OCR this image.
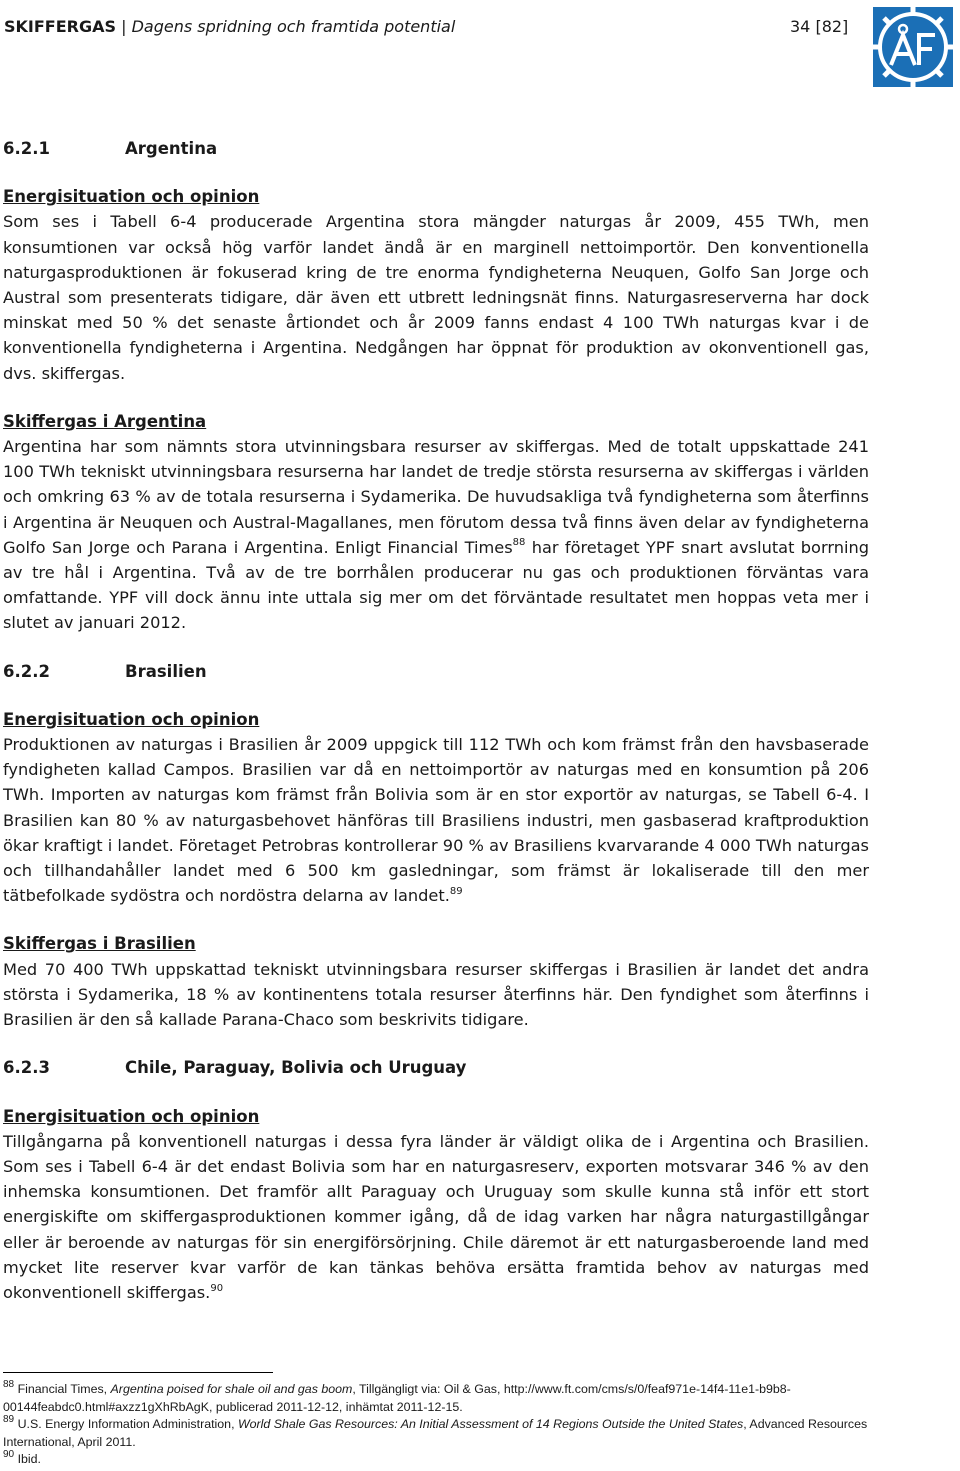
SKIFFERGAS | Dagens spridning och framtida potential	34 [82]
6.2.1	Argentina
Energisituation och opinion

Som ses i Tabell 6-4 producerade Argentina stora mängder naturgas år 2009, 455 TWh, men konsumtionen var också hög varför landet ändå är en marginell nettoimportör. Den konventionella naturgasproduktionen är fokuserad kring de tre enorma fyndigheterna Neuquen, Golfo San Jorge och Austral som presenterats tidigare, där även ett utbrett ledningsnät finns. Naturgasreserverna har dock minskat med 50 % det senaste årtiondet och år 2009 fanns endast 4 100 TWh naturgas kvar i de konventionella fyndigheterna i Argentina. Nedgången har öppnat för produktion av okonventionell gas, dvs. skiffergas.

Skiffergas i Argentina

Argentina har som nämnts stora utvinningsbara resurser av skiffergas. Med de totalt uppskattade 241 100 TWh tekniskt utvinningsbara resurserna har landet de tredje största resurserna av skiffergas i världen och omkring 63 % av de totala resurserna i Sydamerika. De huvudsakliga två fyndigheterna som återfinns i Argentina är Neuquen och Austral-Magallanes, men förutom dessa två finns även delar av fyndigheterna Golfo San Jorge och Parana i Argentina. Enligt Financial Times$^{88}$ har företaget YPF snart avslutat borrning av tre hål i Argentina. Två av de tre borrhålen producerar nu gas och produktionen förväntas vara omfattande. YPF vill dock ännu inte uttala sig mer om det förväntade resultatet men hoppas veta mer i slutet av januari 2012.

6.2.2	Brasilien
Energisituation och opinion

Produktionen av naturgas i Brasilien år 2009 uppgick till 112 TWh och kom främst från den havsbaserade fyndigheten kallad Campos. Brasilien var då en nettoimportör av naturgas med en konsumtion på 206 TWh. Importen av naturgas kom främst från Bolivia som är en stor exportör av naturgas, se Tabell 6-4. I Brasilien kan 80 % av naturgasbehovet hänföras till Brasiliens industri, men gasbaserad kraftproduktion ökar kraftigt i landet. Företaget Petrobras kontrollerar 90 % av Brasiliens kvarvarande 4 000 TWh naturgas och tillhandahåller landet med 6 500 km gasledningar, som främst är lokaliserade till den mer tätbefolkade sydöstra och nordöstra delarna av landet.$^{89}$

Skiffergas i Brasilien

Med 70 400 TWh uppskattad tekniskt utvinningsbara resurser skiffergas i Brasilien är landet det andra största i Sydamerika, 18 % av kontinentens totala resurser återfinns här. Den fyndighet som återfinns i Brasilien är den så kallade Parana-Chaco som beskrivits tidigare.

6.2.3	Chile, Paraguay, Bolivia och Uruguay
Energisituation och opinion

Tillgångarna på konventionell naturgas i dessa fyra länder är väldigt olika de i Argentina och Brasilien. Som ses i Tabell 6-4 är det endast Bolivia som har en naturgasreserv, exporten motsvarar 346 % av den inhemska konsumtionen. Det framför allt Paraguay och Uruguay som skulle kunna stå inför ett stort energiskifte om skiffergasproduktionen kommer igång, då de idag varken har några naturgastillgångar eller är beroende av naturgas för sin energiförsörjning. Chile däremot är ett naturgasberoende land med mycket lite reserver kvar varför de kan tänkas behöva ersätta framtida behov av naturgas med okonventionell skiffergas.$^{90}$

$^{88}$ Financial Times, Argentina poised for shale oil and gas boom, Tillgängligt via: Oil & Gas, http://www.ft.com/cms/s/0/feaf971e-14f4-11e1-b9b8-00144feabdc0.html#axzz1gXhRbAgK, publicerad 2011-12-12, inhämtat 2011-12-15.

$^{89}$ U.S. Energy Information Administration, World Shale Gas Resources: An Initial Assessment of 14 Regions Outside the United States, Advanced Resources International, April 2011.

$^{90}$ Ibid.
